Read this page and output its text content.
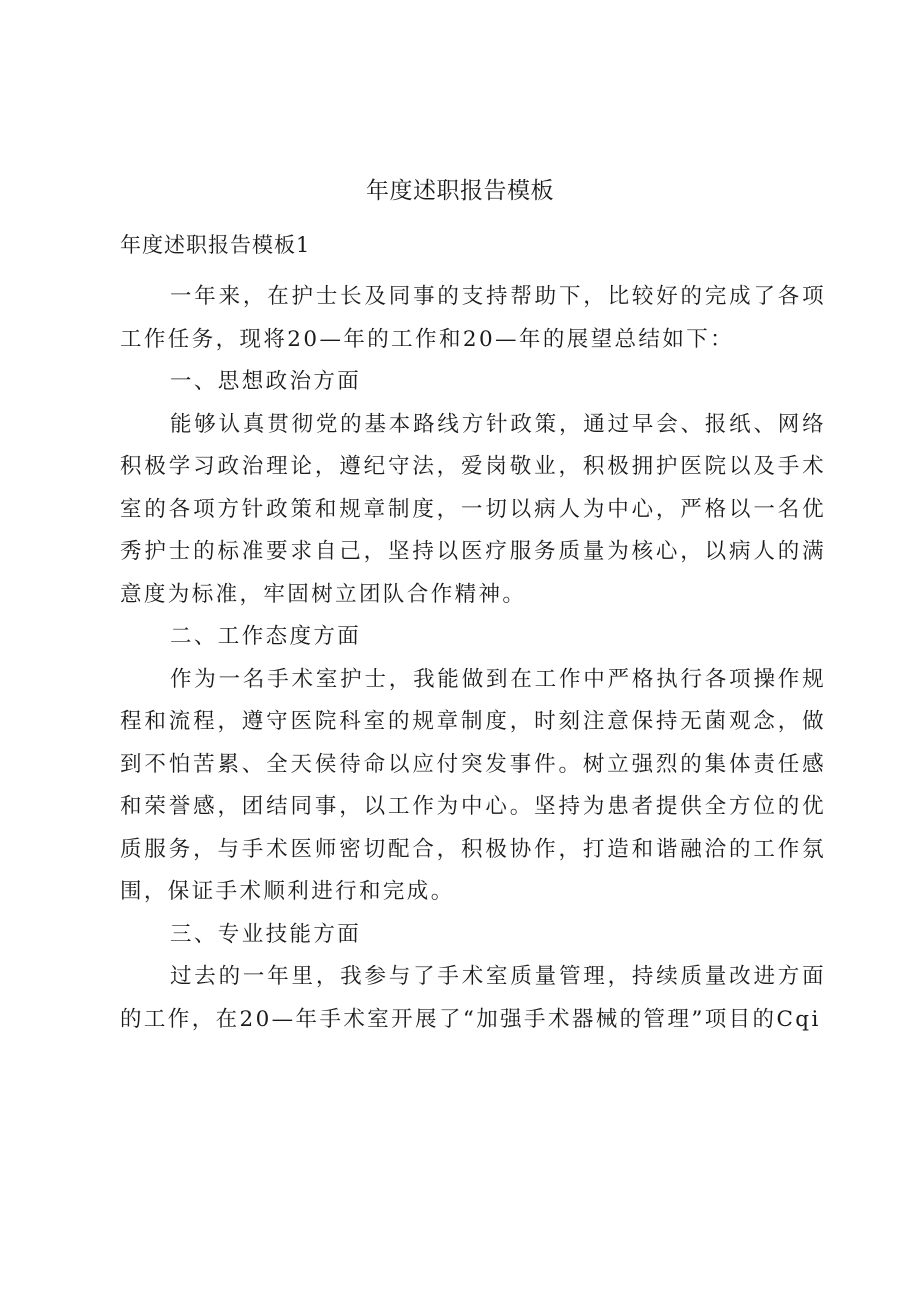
年度述职报告模板
年度述职报告模板1

一年来，在护士长及同事的支持帮助下，比较好的完成了各项工作任务，现将20—年的工作和20—年的展望总结如下：

一、思想政治方面

能够认真贯彻党的基本路线方针政策，通过早会、报纸、网络积极学习政治理论，遵纪守法，爱岗敬业，积极拥护医院以及手术室的各项方针政策和规章制度，一切以病人为中心，严格以一名优秀护士的标准要求自己，坚持以医疗服务质量为核心，以病人的满意度为标准，牢固树立团队合作精神。

二、工作态度方面

作为一名手术室护士，我能做到在工作中严格执行各项操作规程和流程，遵守医院科室的规章制度，时刻注意保持无菌观念，做到不怕苦累、全天侯待命以应付突发事件。树立强烈的集体责任感和荣誉感，团结同事，以工作为中心。坚持为患者提供全方位的优质服务，与手术医师密切配合，积极协作，打造和谐融洽的工作氛围，保证手术顺利进行和完成。

三、专业技能方面

过去的一年里，我参与了手术室质量管理，持续质量改进方面的工作，在20—年手术室开展了“加强手术器械的管理”项目的Cqi
